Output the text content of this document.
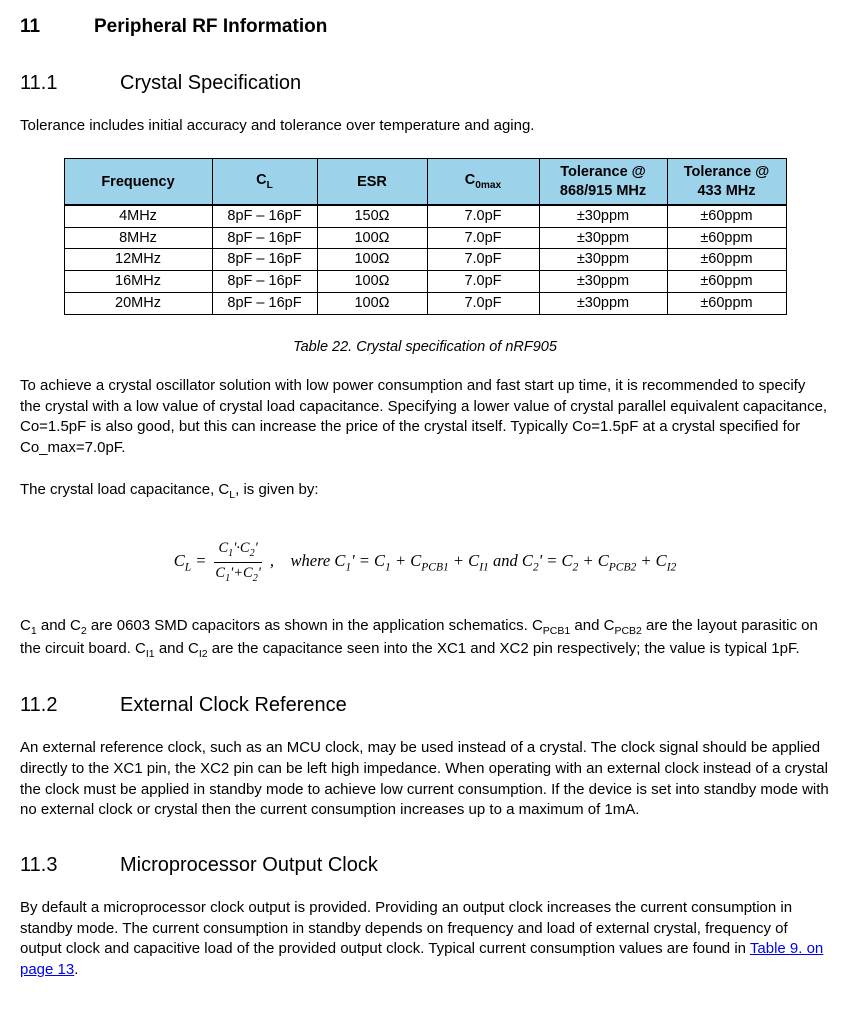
11	Peripheral RF Information
11.1	Crystal Specification

Tolerance includes initial accuracy and tolerance over temperature and aging.

Frequency	$C_L$	ESR	$C_{0max}$	Tolerance @ 868/915 MHz	Tolerance @ 433 MHz
4MHz	8pF – 16pF	150Ω	7.0pF	±30ppm	±60ppm
8MHz	8pF – 16pF	100Ω	7.0pF	±30ppm	±60ppm
12MHz	8pF – 16pF	100Ω	7.0pF	±30ppm	±60ppm
16MHz	8pF – 16pF	100Ω	7.0pF	±30ppm	±60ppm
20MHz	8pF – 16pF	100Ω	7.0pF	±30ppm	±60ppm
Table 22. Crystal specification of nRF905

To achieve a crystal oscillator solution with low power consumption and fast start up time, it is recommended to specify the crystal with a low value of crystal load capacitance. Specifying a lower value of crystal parallel equivalent capacitance, Co=1.5pF is also good, but this can increase the price of the crystal itself. Typically Co=1.5pF at a crystal specified for Co_max=7.0pF.

The crystal load capacitance, $C_L$, is given by:

$C_L = \frac{C_1'\cdot C_2'}{C_1'+C_2'}$ ,    where $C_1' = C_1 + C_{PCB1} + C_{I1}$ and $C_2' = C_2 + C_{PCB2} + C_{I2}$

$C_1$ and $C_2$ are 0603 SMD capacitors as shown in the application schematics. $C_{PCB1}$ and $C_{PCB2}$ are the layout parasitic on the circuit board. $C_{I1}$ and $C_{I2}$ are the capacitance seen into the XC1 and XC2 pin respectively; the value is typical 1pF.

11.2	External Clock Reference

An external reference clock, such as an MCU clock, may be used instead of a crystal. The clock signal should be applied directly to the XC1 pin, the XC2 pin can be left high impedance. When operating with an external clock instead of a crystal the clock must be applied in standby mode to achieve low current consumption. If the device is set into standby mode with no external clock or crystal then the current consumption increases up to a maximum of 1mA.

11.3	Microprocessor Output Clock

By default a microprocessor clock output is provided. Providing an output clock increases the current consumption in standby mode. The current consumption in standby depends on frequency and load of external crystal, frequency of output clock and capacitive load of the provided output clock. Typical current consumption values are found in Table 9. on page 13.
